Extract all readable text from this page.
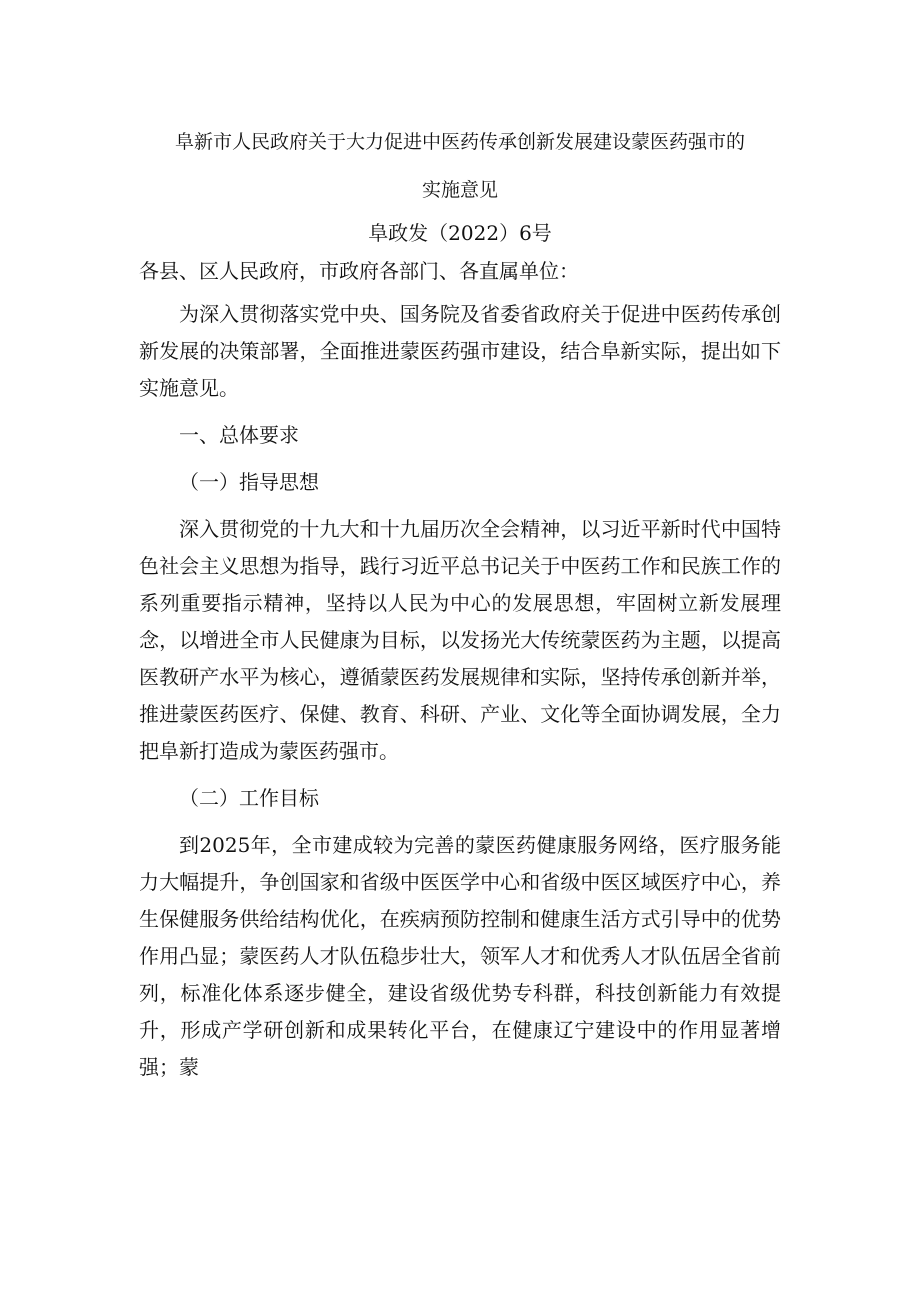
阜新市人民政府关于大力促进中医药传承创新发展建设蒙医药强市的

实施意见

阜政发（2022）6号

各县、区人民政府，市政府各部门、各直属单位：

为深入贯彻落实党中央、国务院及省委省政府关于促进中医药传承创新发展的决策部署，全面推进蒙医药强市建设，结合阜新实际，提出如下实施意见。

一、总体要求

（一）指导思想

深入贯彻党的十九大和十九届历次全会精神，以习近平新时代中国特色社会主义思想为指导，践行习近平总书记关于中医药工作和民族工作的系列重要指示精神，坚持以人民为中心的发展思想，牢固树立新发展理念，以增进全市人民健康为目标，以发扬光大传统蒙医药为主题，以提高医教研产水平为核心，遵循蒙医药发展规律和实际，坚持传承创新并举，推进蒙医药医疗、保健、教育、科研、产业、文化等全面协调发展，全力把阜新打造成为蒙医药强市。

（二）工作目标

到2025年，全市建成较为完善的蒙医药健康服务网络，医疗服务能力大幅提升，争创国家和省级中医医学中心和省级中医区域医疗中心，养生保健服务供给结构优化，在疾病预防控制和健康生活方式引导中的优势作用凸显；蒙医药人才队伍稳步壮大，领军人才和优秀人才队伍居全省前列，标准化体系逐步健全，建设省级优势专科群，科技创新能力有效提升，形成产学研创新和成果转化平台，在健康辽宁建设中的作用显著增强；蒙
